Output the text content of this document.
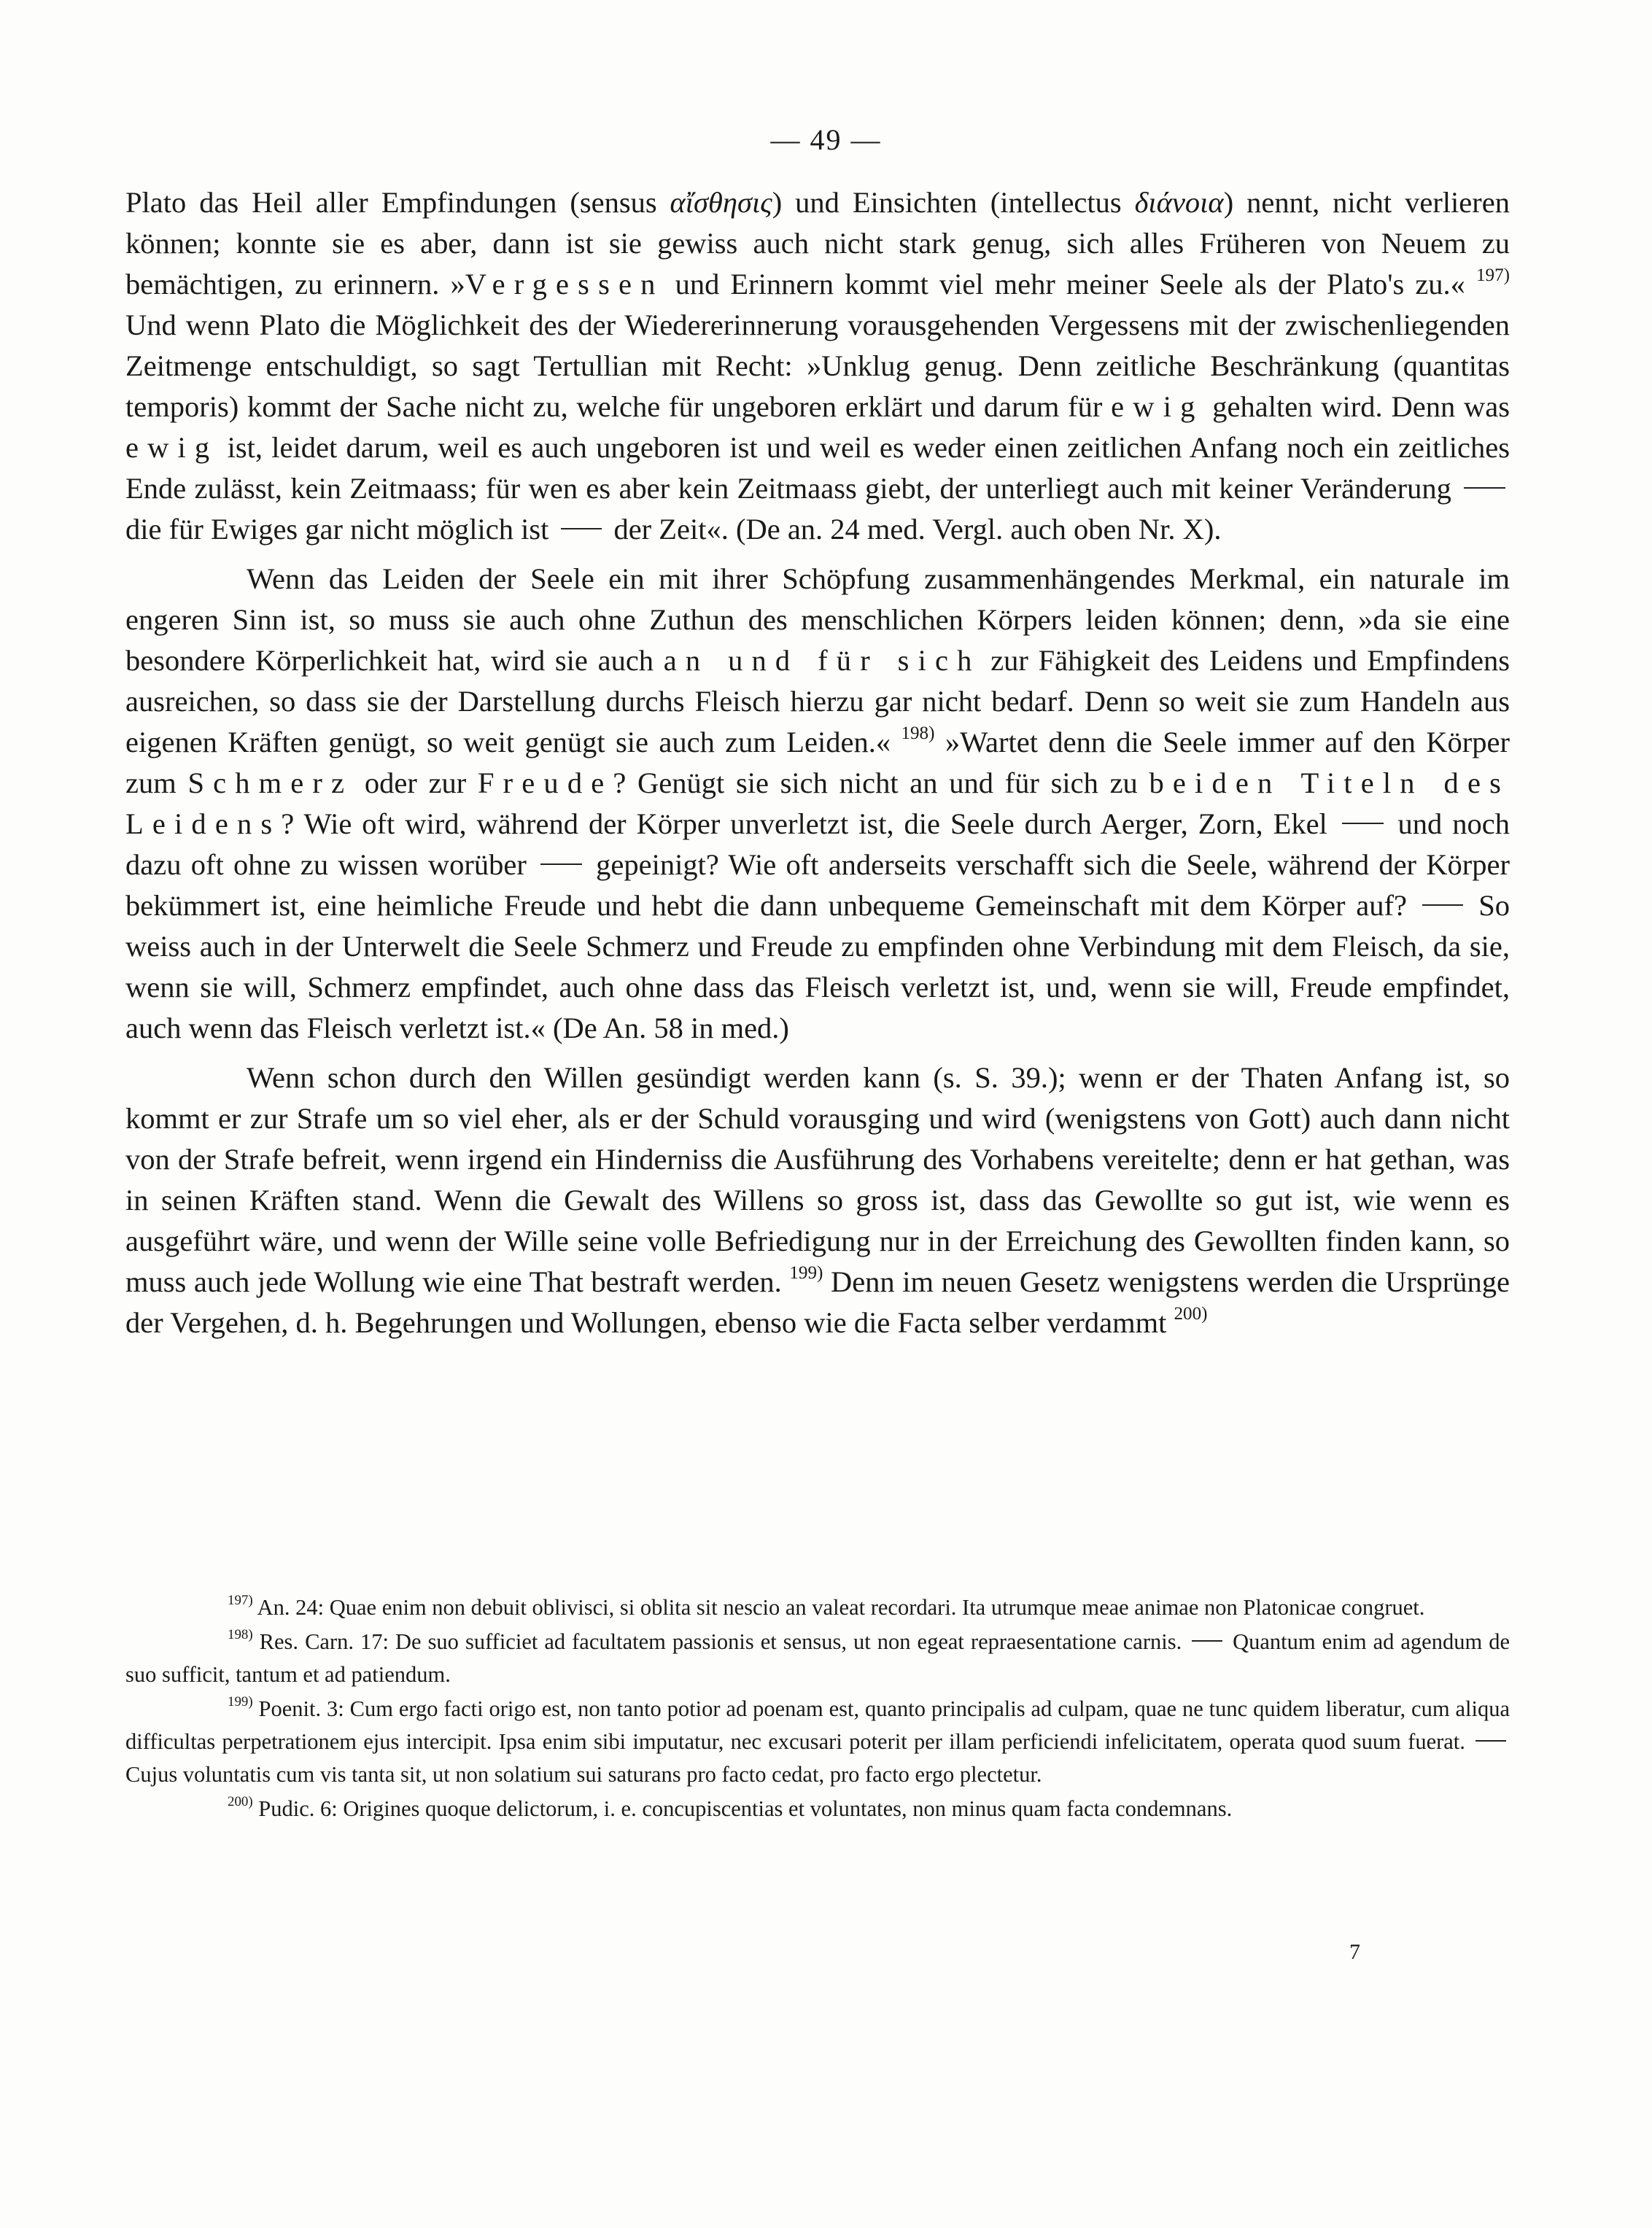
— 49 —

Plato das Heil aller Empfindungen (sensus αἴσθησις) und Einsichten (intellectus διάνοια) nennt, nicht verlieren können; konnte sie es aber, dann ist sie gewiss auch nicht stark genug, sich alles Früheren von Neuem zu bemächtigen, zu erinnern. »Vergessen und Erinnern kommt viel mehr meiner Seele als der Plato's zu.« $^{197)}$ Und wenn Plato die Möglichkeit des der Wiedererinnerung vorausgehenden Vergessens mit der zwischenliegenden Zeitmenge entschuldigt, so sagt Tertullian mit Recht: »Unklug genug. Denn zeitliche Beschränkung (quantitas temporis) kommt der Sache nicht zu, welche für ungeboren erklärt und darum für ewig gehalten wird. Denn was ewig ist, leidet darum, weil es auch ungeboren ist und weil es weder einen zeitlichen Anfang noch ein zeitliches Ende zulässt, kein Zeitmaass; für wen es aber kein Zeitmaass giebt, der unterliegt auch mit keiner Veränderung  die für Ewiges gar nicht möglich ist  der Zeit«. (De an. 24 med. Vergl. auch oben Nr. X).

Wenn das Leiden der Seele ein mit ihrer Schöpfung zusammenhängendes Merkmal, ein naturale im engeren Sinn ist, so muss sie auch ohne Zuthun des menschlichen Körpers leiden können; denn, »da sie eine besondere Körperlichkeit hat, wird sie auch an und für sich zur Fähigkeit des Leidens und Empfindens ausreichen, so dass sie der Darstellung durchs Fleisch hierzu gar nicht bedarf. Denn so weit sie zum Handeln aus eigenen Kräften genügt, so weit genügt sie auch zum Leiden.« $^{198)}$ »Wartet denn die Seele immer auf den Körper zum Schmerz oder zur Freude? Genügt sie sich nicht an und für sich zu beiden Titeln des Leidens? Wie oft wird, während der Körper unverletzt ist, die Seele durch Aerger, Zorn, Ekel  und noch dazu oft ohne zu wissen worüber  gepeinigt? Wie oft anderseits verschafft sich die Seele, während der Körper bekümmert ist, eine heimliche Freude und hebt die dann unbequeme Gemeinschaft mit dem Körper auf?  So weiss auch in der Unterwelt die Seele Schmerz und Freude zu empfinden ohne Verbindung mit dem Fleisch, da sie, wenn sie will, Schmerz empfindet, auch ohne dass das Fleisch verletzt ist, und, wenn sie will, Freude empfindet, auch wenn das Fleisch verletzt ist.« (De An. 58 in med.)

Wenn schon durch den Willen gesündigt werden kann (s. S. 39.); wenn er der Thaten Anfang ist, so kommt er zur Strafe um so viel eher, als er der Schuld vorausging und wird (wenigstens von Gott) auch dann nicht von der Strafe befreit, wenn irgend ein Hinderniss die Ausführung des Vorhabens vereitelte; denn er hat gethan, was in seinen Kräften stand. Wenn die Gewalt des Willens so gross ist, dass das Gewollte so gut ist, wie wenn es ausgeführt wäre, und wenn der Wille seine volle Befriedigung nur in der Erreichung des Gewollten finden kann, so muss auch jede Wollung wie eine That bestraft werden. $^{199)}$ Denn im neuen Gesetz wenigstens werden die Ursprünge der Vergehen, d. h. Begehrungen und Wollungen, ebenso wie die Facta selber verdammt $^{200)}$

$^{197)}$ An. 24: Quae enim non debuit oblivisci, si oblita sit nescio an valeat recordari. Ita utrumque meae animae non Platonicae congruet.

$^{198)}$ Res. Carn. 17: De suo sufficiet ad facultatem passionis et sensus, ut non egeat repraesentatione carnis.  Quantum enim ad agendum de suo sufficit, tantum et ad patiendum.

$^{199)}$ Poenit. 3: Cum ergo facti origo est, non tanto potior ad poenam est, quanto principalis ad culpam, quae ne tunc quidem liberatur, cum aliqua difficultas perpetrationem ejus intercipit. Ipsa enim sibi imputatur, nec excusari poterit per illam perficiendi infelicitatem, operata quod suum fuerat.  Cujus voluntatis cum vis tanta sit, ut non solatium sui saturans pro facto cedat, pro facto ergo plectetur.

$^{200)}$ Pudic. 6: Origines quoque delictorum, i. e. concupiscentias et voluntates, non minus quam facta condemnans.

7
